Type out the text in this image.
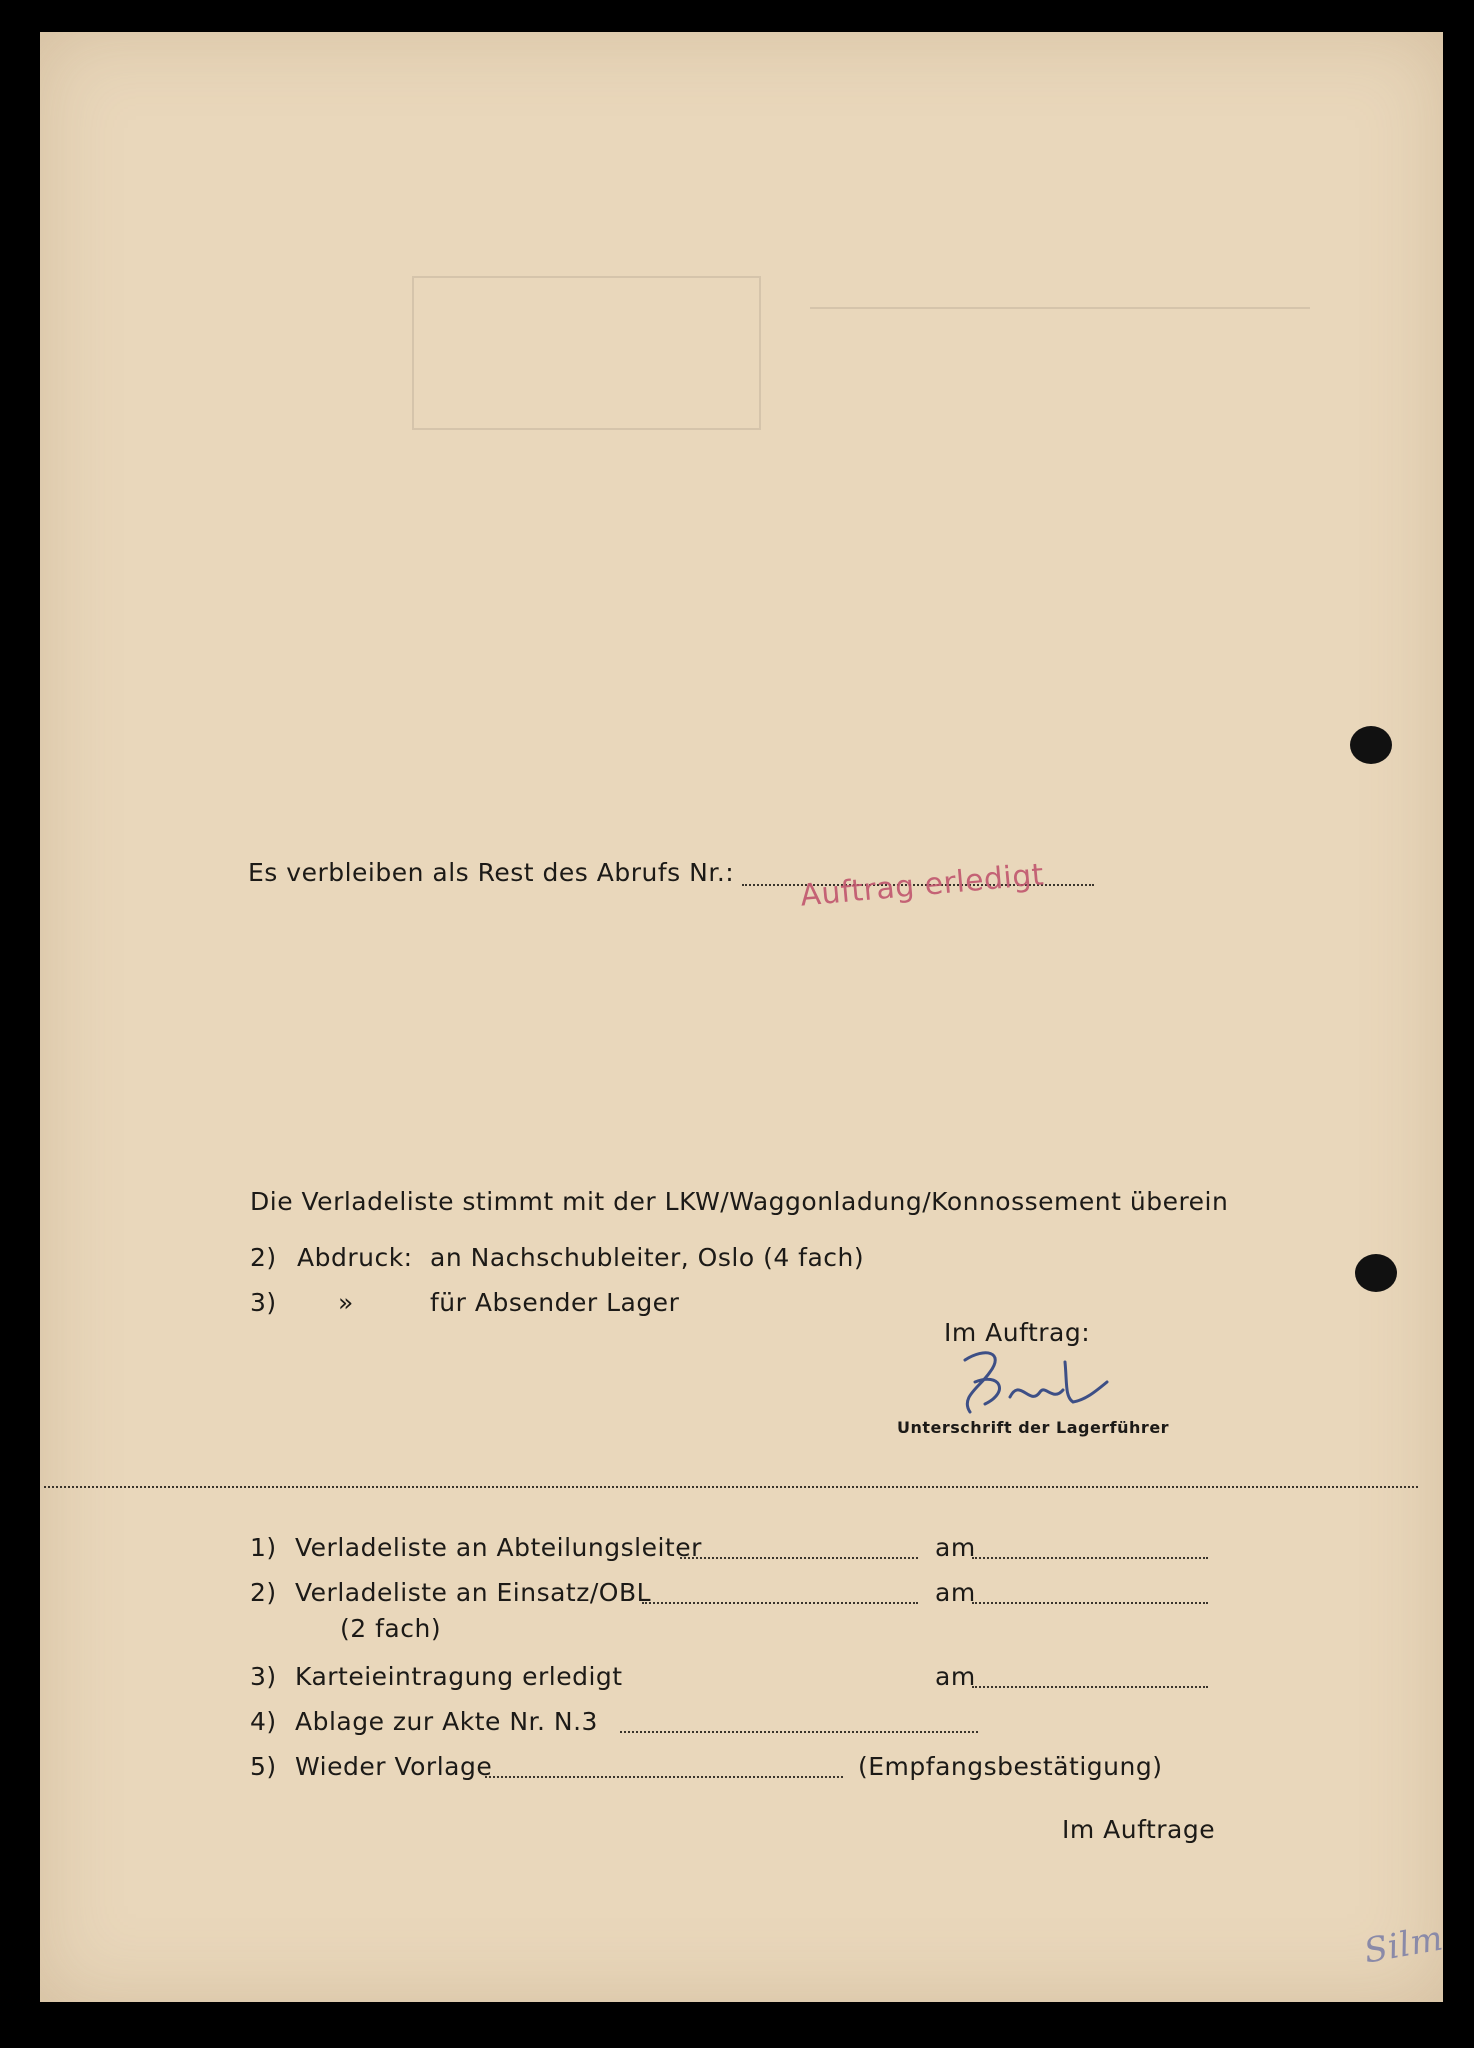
Es verbleiben als Rest des Abrufs Nr.: Auftrag erledigt
Die Verladeliste stimmt mit der LKW/Waggonladung/Konnossement überein
2) Abdruck: an Nachschubleiter, Oslo (4 fach)
3) »	für Absender Lager
Im Auftrag:
Unterschrift der Lagerführer
1) Verladeliste an Abteilungsleiter	am
2) Verladeliste an Einsatz/OBL	am
(2 fach)
3) Karteieintragung erledigt	am
4) Ablage zur Akte Nr. N.3
5) Wieder Vorlage	(Empfangsbestätigung)
Im Auftrage
Silm
